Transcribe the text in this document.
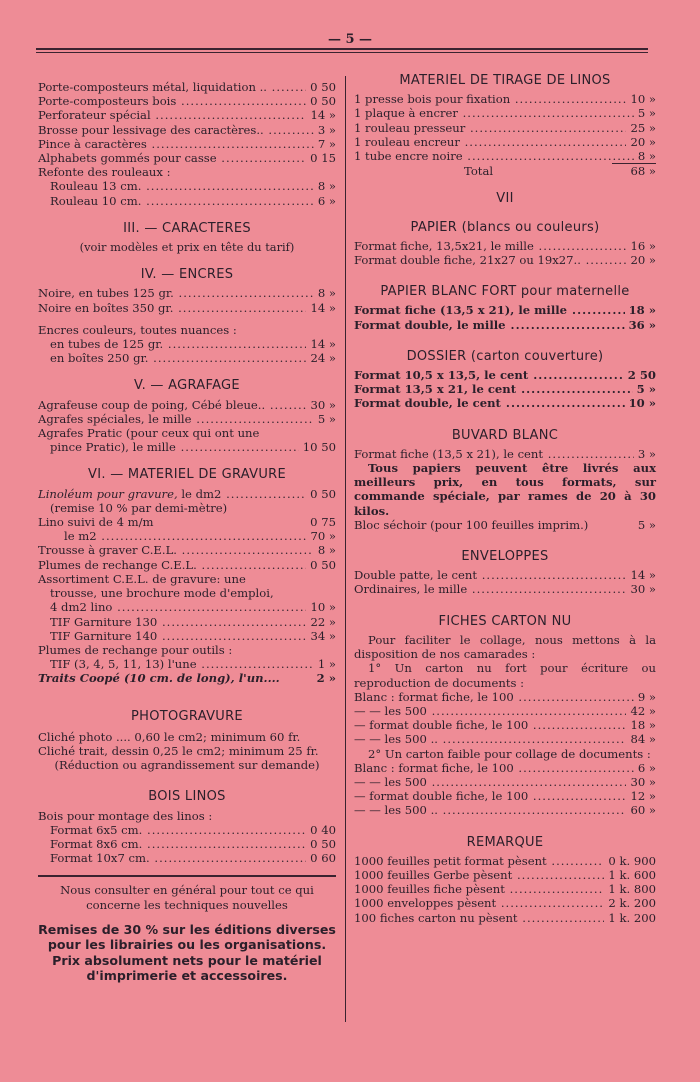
— 5 —
Porte-composteurs métal, liquidation .. .....	0 50
Porte-composteurs bois .....	0 50
Perforateur spécial .....	14 »
Brosse pour lessivage des caractères.. .....	3 »
Pince à caractères .....	7 »
Alphabets gommés pour casse .....	0 15
Refonte des rouleaux :
Rouleau 13 cm. .....	8 »
Rouleau 10 cm. .....	6 »
III. — CARACTERES
(voir modèles et prix en tête du tarif)
IV. — ENCRES
Noire, en tubes 125 gr. .....	8 »
Noire en boîtes 350 gr. .....	14 »
Encres couleurs, toutes nuances :
en tubes de 125 gr. .....	14 »
en boîtes 250 gr. .....	24 »
V. — AGRAFAGE
Agrafeuse coup de poing, Cébé bleue.. .....	30 »
Agrafes spéciales, le mille .....	5 »
Agrafes Pratic (pour ceux qui ont une
pince Pratic), le mille .....	10 50
VI. — MATERIEL DE GRAVURE
Linoléum pour gravure, le dm2 .....	0 50
(remise 10 % par demi-mètre)
Lino suivi de 4 m/m	0 75
le m2 .....	70 »
Trousse à graver C.E.L. .....	8 »
Plumes de rechange C.E.L. .....	0 50
Assortiment C.E.L. de gravure: une
trousse, une brochure mode d'emploi,
4 dm2 lino .....	10 »
TIF Garniture 130 .....	22 »
TIF Garniture 140 .....	34 »
Plumes de rechange pour outils :
TIF (3, 4, 5, 11, 13) l'une .....	1 »
Traits Coopé (10 cm. de long), l'un....	2 »
PHOTOGRAVURE
Cliché photo .... 0,60 le cm2; minimum 60 fr.
Cliché trait, dessin 0,25 le cm2; minimum 25 fr.
(Réduction ou agrandissement sur demande)
BOIS LINOS
Bois pour montage des linos :
Format 6x5 cm. .....	0 40
Format 8x6 cm. .....	0 50
Format 10x7 cm. .....	0 60
Nous consulter en général pour tout ce qui
concerne les techniques nouvelles
Remises de 30 % sur les éditions diverses pour les librairies ou les organisations. Prix absolument nets pour le matériel d'imprimerie et accessoires.
MATERIEL DE TIRAGE DE LINOS
1 presse bois pour fixation .....	10 »
1 plaque à encrer .....	5 »
1 rouleau presseur .....	25 »
1 rouleau encreur .....	20 »
1 tube encre noire .....	8 »
Total	68 »
VII
PAPIER (blancs ou couleurs)
Format fiche, 13,5x21, le mille .....	16 »
Format double fiche, 21x27 ou 19x27.. .....	20 »
PAPIER BLANC FORT pour maternelle
Format fiche (13,5 x 21), le mille .....	18 »
Format double, le mille .....	36 »
DOSSIER (carton couverture)
Format 10,5 x 13,5, le cent .....	2 50
Format 13,5 x 21, le cent .....	5 »
Format double, le cent .....	10 »
BUVARD BLANC
Format fiche (13,5 x 21), le cent .....	3 »
Tous papiers peuvent être livrés aux meilleurs prix, en tous formats, sur commande spéciale, par rames de 20 à 30 kilos.
Bloc séchoir (pour 100 feuilles imprim.)	5 »
ENVELOPPES
Double patte, le cent .....	14 »
Ordinaires, le mille .....	30 »
FICHES CARTON NU
Pour faciliter le collage, nous mettons à la disposition de nos camarades :
1° Un carton nu fort pour écriture ou reproduction de documents :
Blanc : format fiche, le 100 .....	9 »
— — les 500 .....	42 »
— format double fiche, le 100 .....	18 »
— — les 500 .. .....	84 »
2° Un carton faible pour collage de documents :
Blanc : format fiche, le 100 .....	6 »
— — les 500 .....	30 »
— format double fiche, le 100 .....	12 »
— — les 500 .. .....	60 »
REMARQUE
1000 feuilles petit format pèsent .....	0 k. 900
1000 feuilles Gerbe pèsent .....	1 k. 600
1000 feuilles fiche pèsent .....	1 k. 800
1000 enveloppes pèsent .....	2 k. 200
100 fiches carton nu pèsent .....	1 k. 200
